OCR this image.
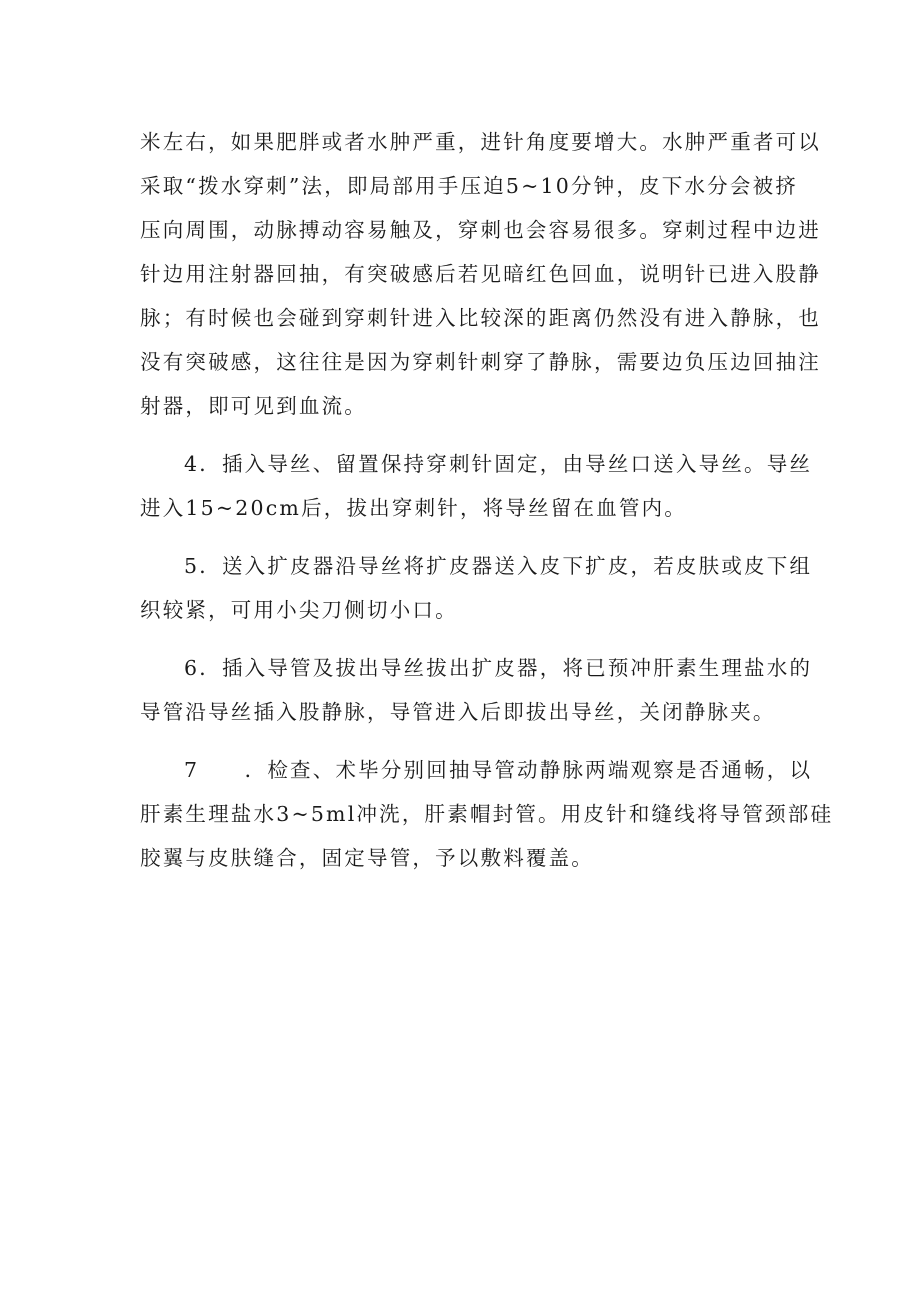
米左右，如果肥胖或者水肿严重，进针角度要增大。水肿严重者可以
采取“拨水穿刺”法，即局部用手压迫5~10分钟，皮下水分会被挤
压向周围，动脉搏动容易触及，穿刺也会容易很多。穿刺过程中边进
针边用注射器回抽，有突破感后若见暗红色回血，说明针已进入股静
脉；有时候也会碰到穿刺针进入比较深的距离仍然没有进入静脉，也
没有突破感，这往往是因为穿刺针刺穿了静脉，需要边负压边回抽注
射器，即可见到血流。
4．插入导丝、留置保持穿刺针固定，由导丝口送入导丝。导丝
进入15~20cm后，拔出穿刺针，将导丝留在血管内。
5．送入扩皮器沿导丝将扩皮器送入皮下扩皮，若皮肤或皮下组
织较紧，可用小尖刀侧切小口。
6．插入导管及拔出导丝拔出扩皮器，将已预冲肝素生理盐水的
导管沿导丝插入股静脉，导管进入后即拔出导丝，关闭静脉夹。
7　　．检查、术毕分别回抽导管动静脉两端观察是否通畅，以
肝素生理盐水3~5ml冲洗，肝素帽封管。用皮针和缝线将导管颈部硅
胶翼与皮肤缝合，固定导管，予以敷料覆盖。
